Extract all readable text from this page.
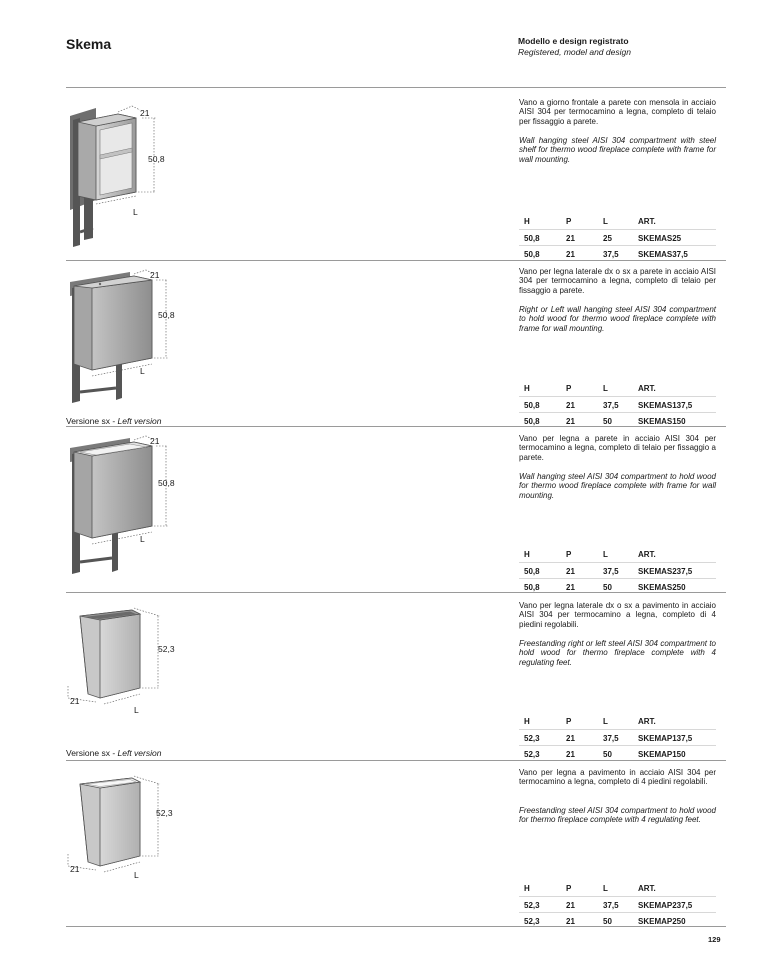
Skema	Modello e design registrato
Registered, model and design
21
50,8
L
Vano a giorno frontale a parete con mensola in acciaio AISI 304 per termocamino a legna, completo di telaio per fissaggio a parete.
Wall hanging steel AISI 304 compartment with steel shelf for thermo wood fireplace complete with frame for wall mounting.
H	P	L	ART.
50,8	21	25	SKEMAS25
50,8	21	37,5 SKEMAS37,5
21
50,8
L
Versione sx - Left version
Vano per legna laterale dx o sx a parete in acciaio AISI 304 per termocamino a legna, completo di telaio per fissaggio a parete.
Right or Left wall hanging steel AISI 304 compartment to hold wood for thermo wood fireplace complete with frame for wall mounting.
H	P	L	ART.
50,8	21	37,5 SKEMAS137,5
50,8	21	50	SKEMAS150
21
50,8
L
Vano per legna a parete in acciaio AISI 304 per termocamino a legna, completo di telaio per fissaggio a parete.
Wall hanging steel AISI 304 compartment to hold wood for thermo wood fireplace complete with frame for wall mounting.
H	P	L	ART.
50,8	21	37,5 SKEMAS237,5
50,8	21	50	SKEMAS250
52,3
21
L
Versione sx - Left version
Vano per legna laterale dx o sx a pavimento in acciaio AISI 304 per termocamino a legna, completo di 4 piedini regolabili.
Freestanding right or left steel AISI 304 compartment to hold wood for thermo fireplace complete with 4 regulating feet.
H	P	L	ART.
52,3	21	37,5 SKEMAP137,5
52,3	21	50	SKEMAP150
52,3
21
L
Vano per legna a pavimento in acciaio AISI 304 per termocamino a legna, completo di 4 piedini regolabili.
Freestanding steel AISI 304 compartment to hold wood for thermo fireplace complete with 4 regulating feet.
H	P	L	ART.
52,3	21	37,5 SKEMAP237,5
52,3	21	50	SKEMAP250
129
